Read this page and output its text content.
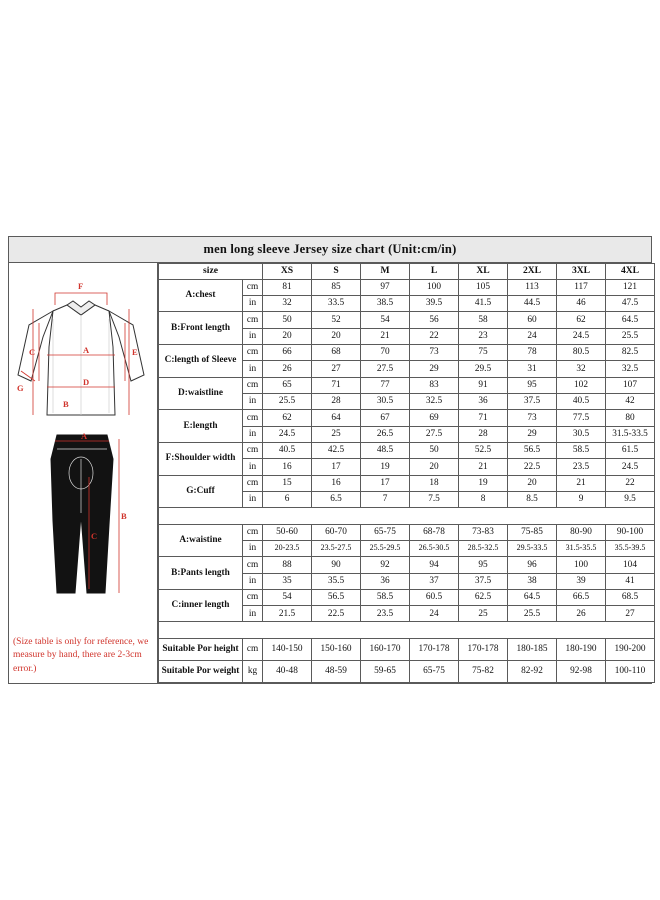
men long sleeve Jersey size chart (Unit:cm/in)
F
A
D
C	E
B
G
A
B
C
(Size table is only for reference, we measure by hand, there are 2-3cm error.)
size		XS	S	M	L	XL	2XL	3XL	4XL
A:chest	cm	81	85	97	100	105	113	117	121
	in	32	33.5	38.5	39.5	41.5	44.5	46	47.5
B:Front length	cm	50	52	54	56	58	60	62	64.5
	in	20	20	21	22	23	24	24.5	25.5
C:length of Sleeve	cm	66	68	70	73	75	78	80.5	82.5
	in	26	27	27.5	29	29.5	31	32	32.5
D:waistline	cm	65	71	77	83	91	95	102	107
	in	25.5	28	30.5	32.5	36	37.5	40.5	42
E:length	cm	62	64	67	69	71	73	77.5	80
	in	24.5	25	26.5	27.5	28	29	30.5	31.5-33.5
F:Shoulder width	cm	40.5	42.5	48.5	50	52.5	56.5	58.5	61.5
	in	16	17	19	20	21	22.5	23.5	24.5
G:Cuff	cm	15	16	17	18	19	20	21	22
	in	6	6.5	7	7.5	8	8.5	9	9.5

A:waistine	cm	50-60	60-70	65-75	68-78	73-83	75-85	80-90	90-100
	in	20-23.5	23.5-27.5	25.5-29.5	26.5-30.5	28.5-32.5	29.5-33.5	31.5-35.5	35.5-39.5
B:Pants length	cm	88	90	92	94	95	96	100	104
	in	35	35.5	36	37	37.5	38	39	41
C:inner length	cm	54	56.5	58.5	60.5	62.5	64.5	66.5	68.5
	in	21.5	22.5	23.5	24	25	25.5	26	27

Suitable Por height	cm	140-150	150-160	160-170	170-178	170-178	180-185	180-190	190-200
Suitable Por weight	kg	40-48	48-59	59-65	65-75	75-82	82-92	92-98	100-110
